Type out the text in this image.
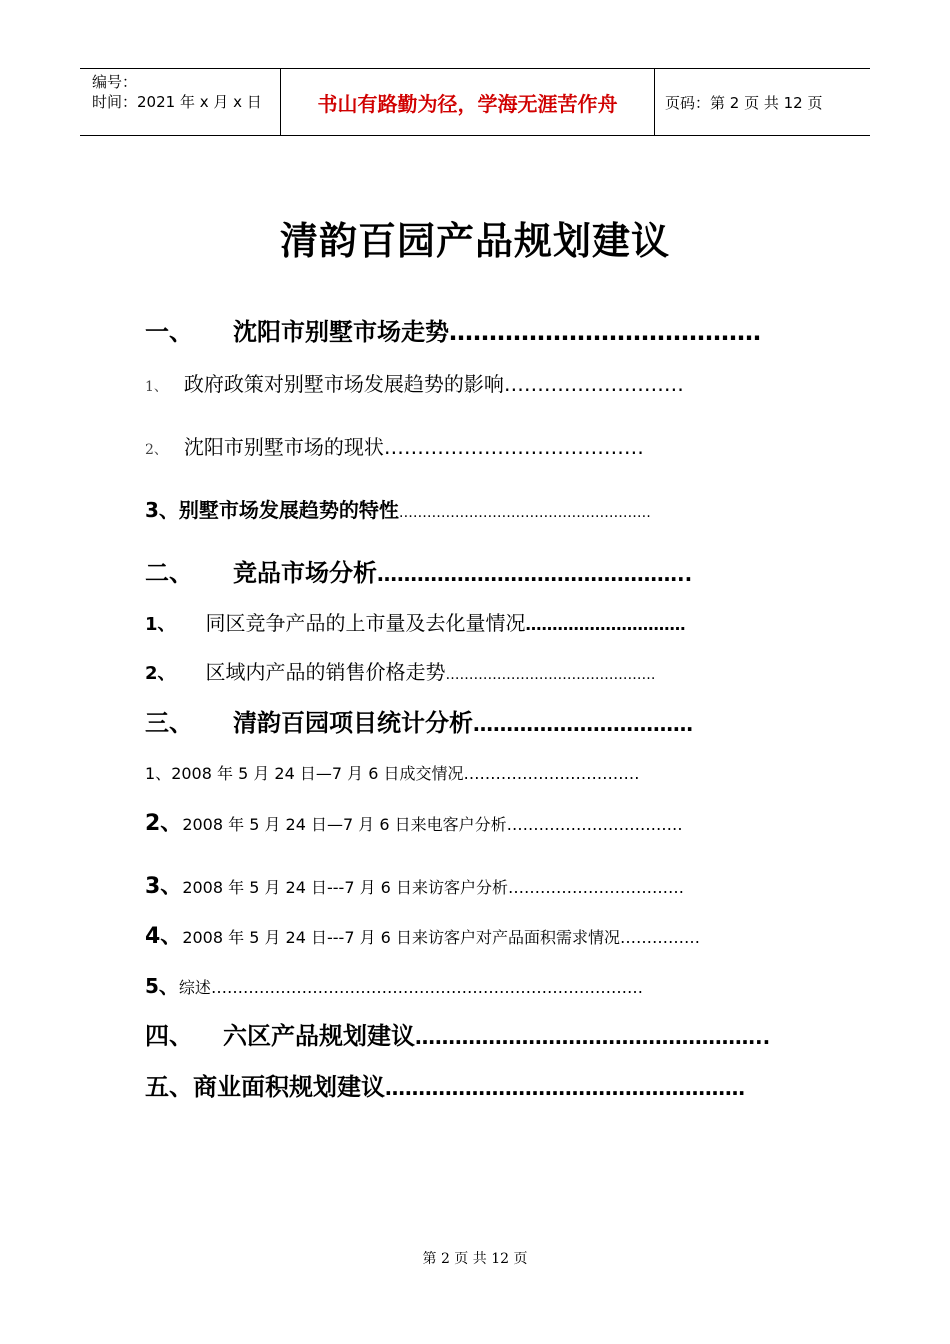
编号：
时间：2021 年 x 月 x 日	书山有路勤为径，学海无涯苦作舟	页码：第 2 页 共 12 页
清韵百园产品规划建议
一、 沈阳市别墅市场走势…………………………………
1、 政府政策对别墅市场发展趋势的影响………………………
2、 沈阳市别墅市场的现状…………………………………
3、别墅市场发展趋势的特性………………………………………………
二、 竞品市场分析………………………………………..
1、 同区竞争产品的上市量及去化量情况…………………………
2、 区域内产品的销售价格走势………………………………………
三、 清韵百园项目统计分析……………………………
1、2008 年 5 月 24 日—7 月 6 日成交情况……………………………
2、2008 年 5 月 24 日—7 月 6 日来电客户分析……………………………
3、2008 年 5 月 24 日---7 月 6 日来访客户分析……………………………
4、2008 年 5 月 24 日---7 月 6 日来访客户对产品面积需求情况……………
5、综述………………………………………………………………………
四、 六区产品规划建议……………………………………………..
五、商业面积规划建议………………………………………………
第 2 页 共 12 页
